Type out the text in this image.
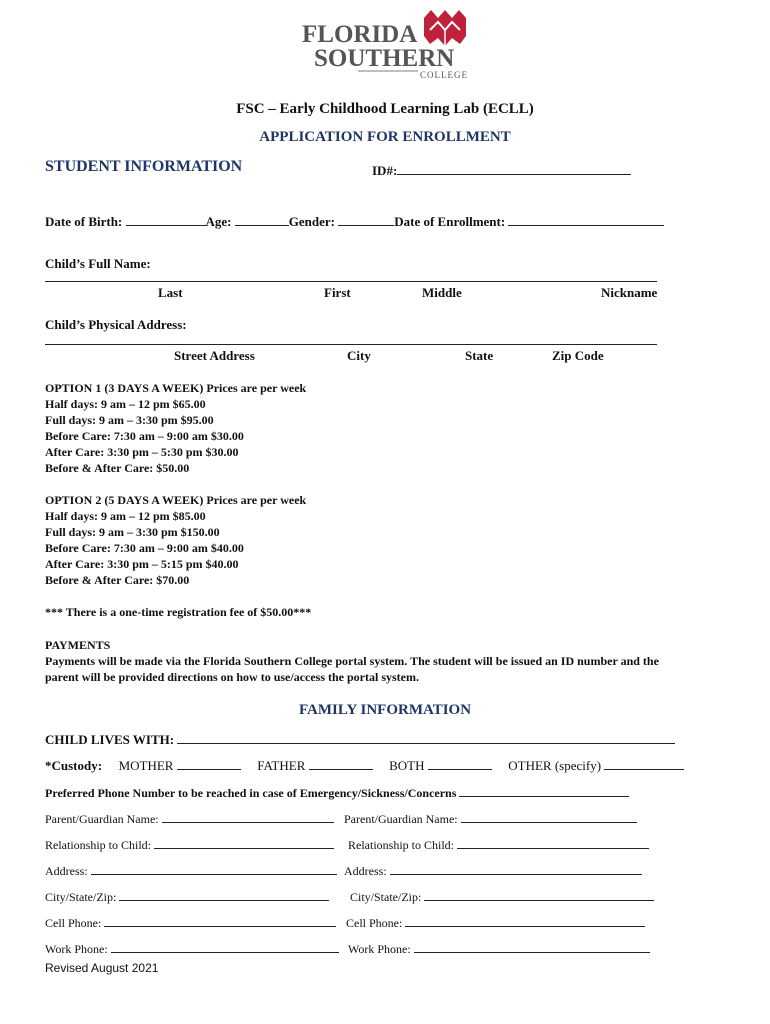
FLORIDA
SOUTHERN
COLLEGE
FSC – Early Childhood Learning Lab (ECLL)
APPLICATION FOR ENROLLMENT
STUDENT INFORMATION	ID#:
Date of Birth:	Age:	Gender:	Date of Enrollment:
Child’s Full Name:
Last	First	Middle	Nickname
Child’s Physical Address:
Street Address	City	State	Zip Code

OPTION 1 (3 DAYS A WEEK) Prices are per week

Half days: 9 am – 12 pm $65.00

Full days: 9 am – 3:30 pm $95.00

Before Care: 7:30 am – 9:00 am $30.00

After Care: 3:30 pm – 5:30 pm $30.00

Before & After Care: $50.00

OPTION 2 (5 DAYS A WEEK) Prices are per week

Half days: 9 am – 12 pm $85.00

Full days: 9 am – 3:30 pm $150.00

Before Care: 7:30 am – 9:00 am $40.00

After Care: 3:30 pm – 5:15 pm $40.00

Before & After Care: $70.00

*** There is a one-time registration fee of $50.00***

PAYMENTS

Payments will be made via the Florida Southern College portal system. The student will be issued an ID number and the

parent will be provided directions on how to use/access the portal system.

FAMILY INFORMATION
CHILD LIVES WITH:
*Custody: MOTHER	FATHER	BOTH	OTHER (specify)
Preferred Phone Number to be reached in case of Emergency/Sickness/Concerns
Parent/Guardian Name:	Parent/Guardian Name:
Relationship to Child:	Relationship to Child:
Address:	Address:
City/State/Zip:	City/State/Zip:
Cell Phone:	Cell Phone:
Work Phone:	Work Phone:
Revised August 2021
